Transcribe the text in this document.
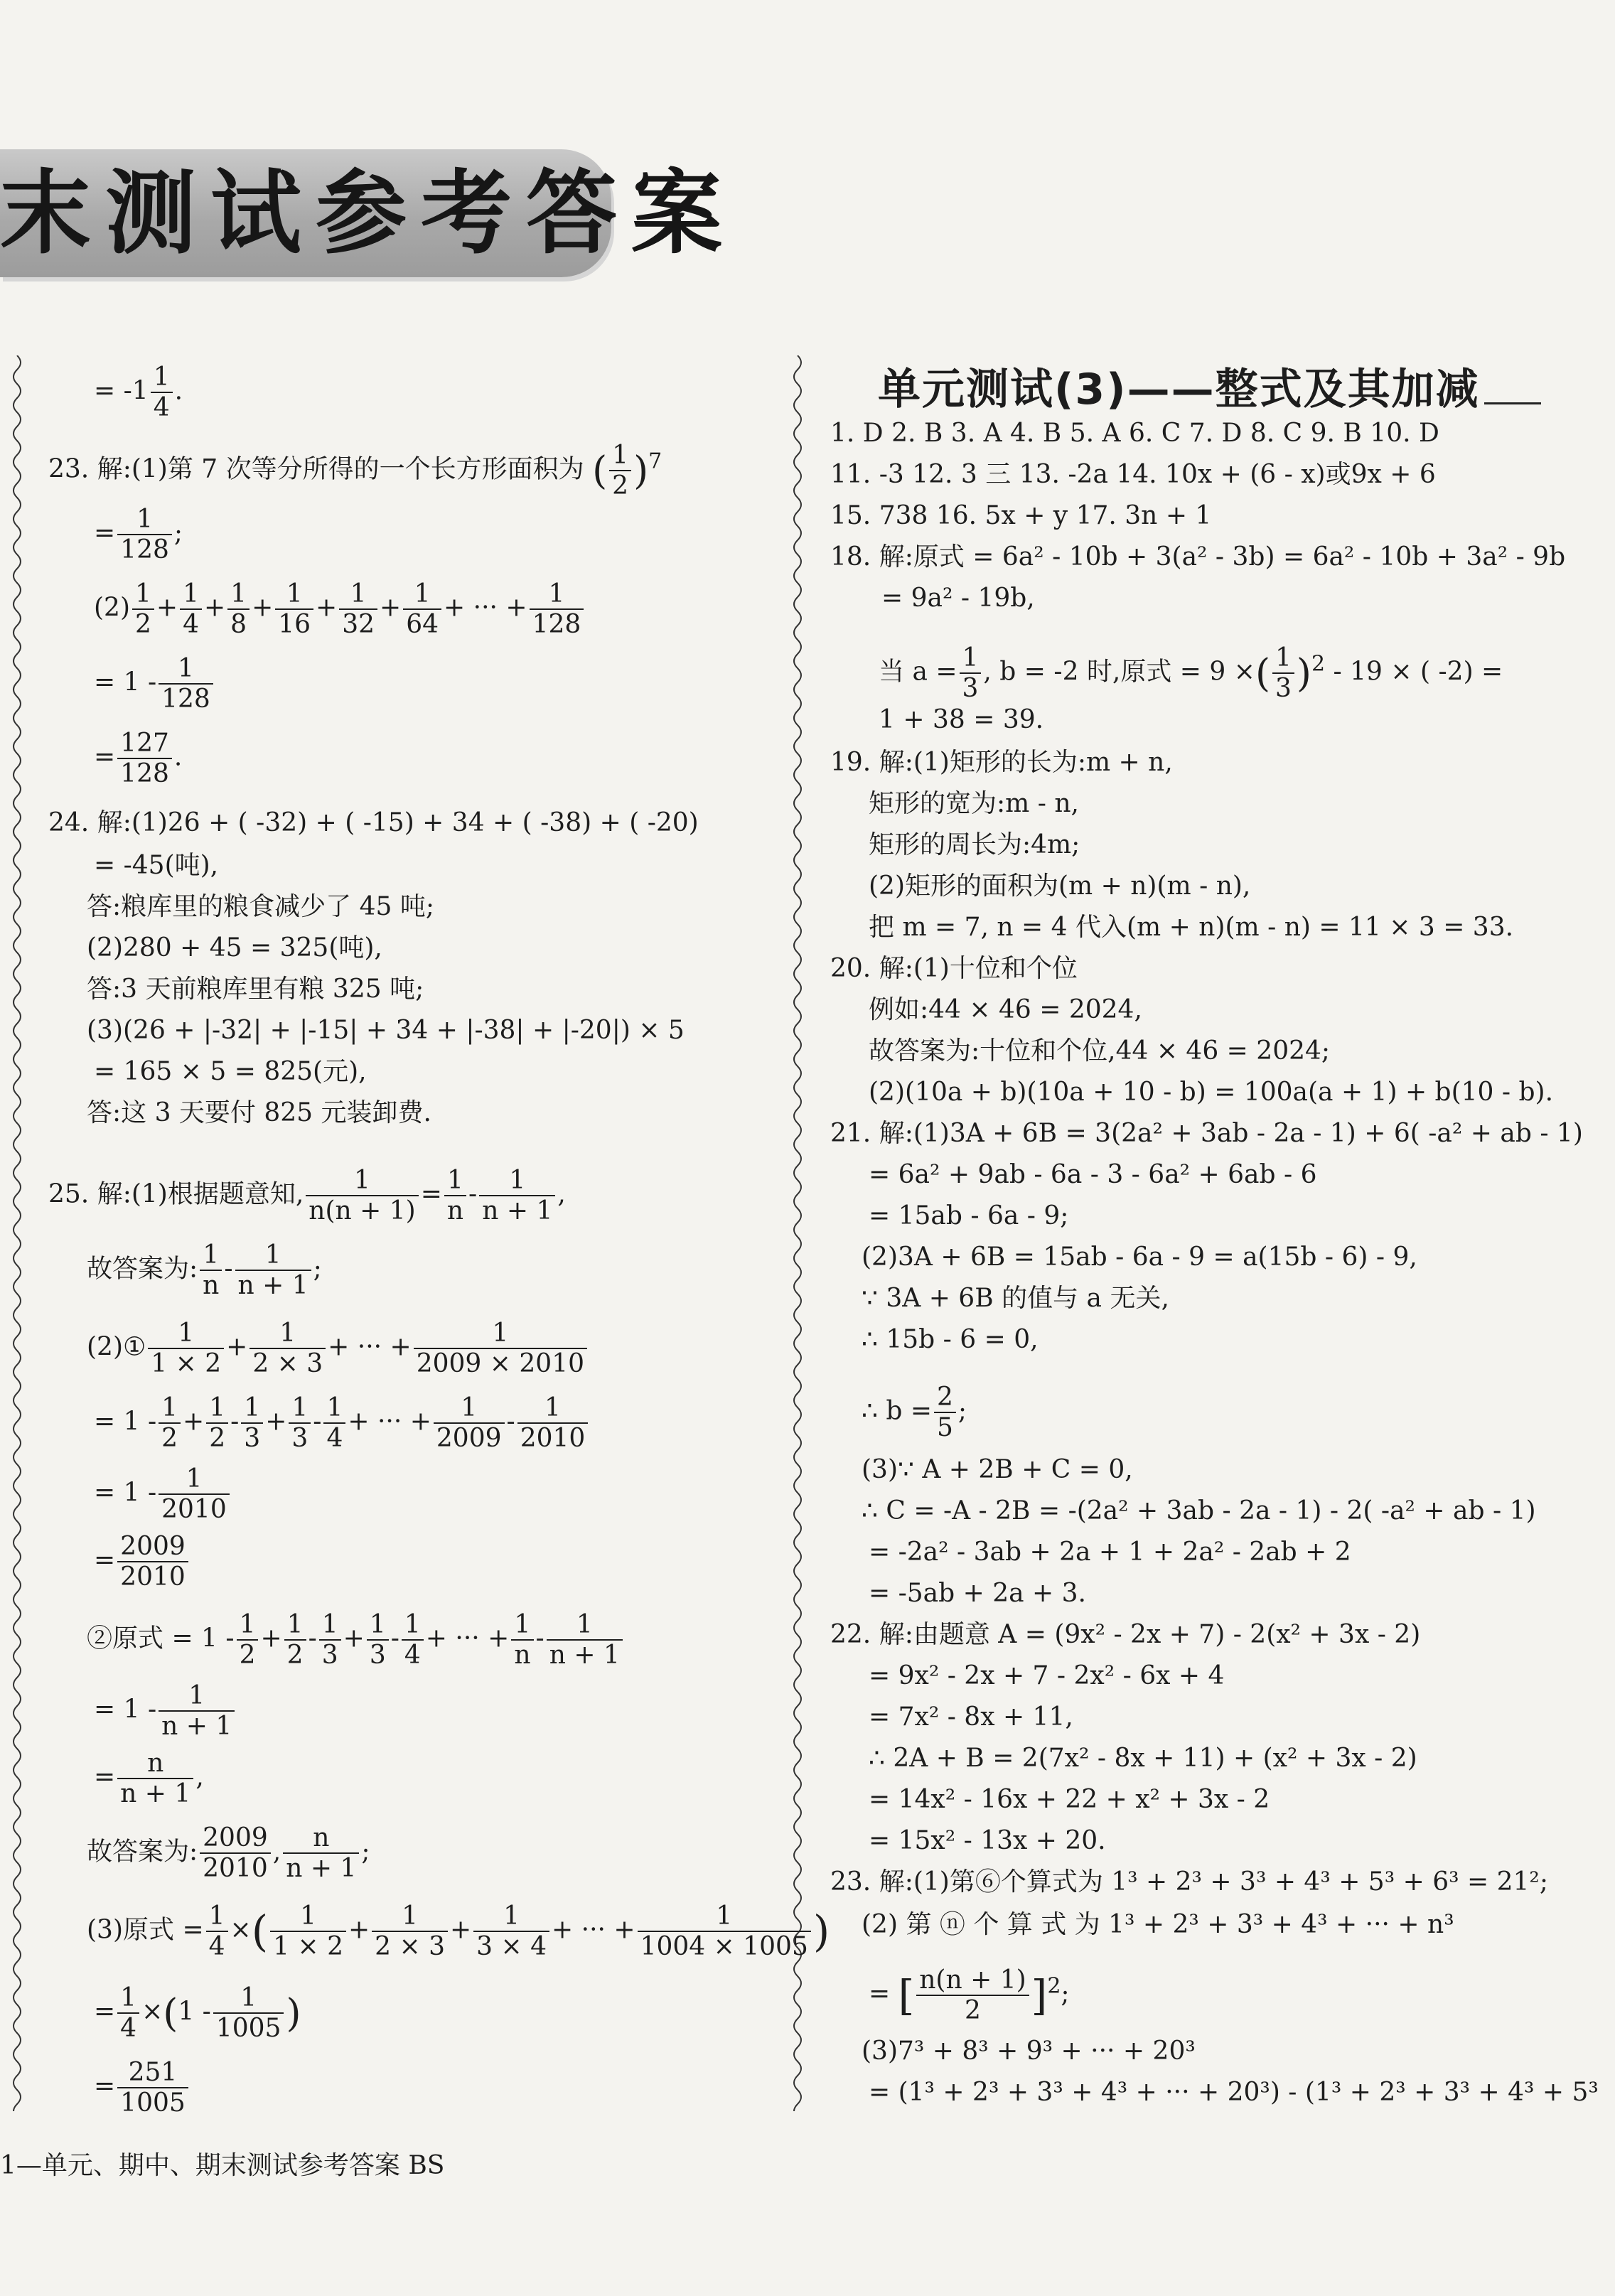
末测试参考答案
= $-1 \frac{1}{4}$ .
23. 解:(1)第 7 次等分所得的一个长方形面积为 ( $\frac{1}{2} )^7$
= $\frac{1}{128}$ ;
$(2) \frac{1}{2} + \frac{1}{4} + \frac{1}{8} + \frac{1}{16} + \frac{1}{32} + \frac{1}{64}$ + ··· + $\frac{1}{128}$
= $1 - \frac{1}{128}$
= $\frac{127}{128}$ .
24. 解:(1)26 + ( -32) + ( -15) + 34 + ( -38) + ( -20)
= -45(吨),
答:粮库里的粮食减少了 45 吨;
(2)280 + 45 = 325(吨),
答:3 天前粮库里有粮 325 吨;
(3)(26 + |-32| + |-15| + 34 + |-38| + |-20|) × 5
= 165 × 5 = 825(元),
答:这 3 天要付 825 元装卸费.
25. 解:(1)根据题意知, $\frac{1}{n(n + 1)} = \frac{1}{n} - \frac{1}{n + 1}$ ,
故答案为: $\frac{1}{n} - \frac{1}{n + 1}$ ;
(2)① $\frac{1}{1 \times 2} + \frac{1}{2 \times 3}$ + ··· + $\frac{1}{2009 \times 2010}$
= $1 - \frac{1}{2} + \frac{1}{2} - \frac{1}{3} + \frac{1}{3} - \frac{1}{4}$ + ··· + $\frac{1}{2009} - \frac{1}{2010}$
= $1 - \frac{1}{2010}$
= $\frac{2009}{2010}$
②原式 = $1 - \frac{1}{2} + \frac{1}{2} - \frac{1}{3} + \frac{1}{3} - \frac{1}{4}$ + ··· + $\frac{1}{n} - \frac{1}{n + 1}$
= $1 - \frac{1}{n + 1}$
= $\frac{n}{n + 1}$ ,
故答案为: $\frac{2009}{2010}$ , $\frac{n}{n + 1}$ ;
(3)原式 = $\frac{1}{4}$ ×( $\frac{1}{1 \times 2} + \frac{1}{2 \times 3} + \frac{1}{3 \times 4}$ + ··· + $\frac{1}{1004 \times 1005}$ )
= $\frac{1}{4} \times(1 - \frac{1}{1005}$ )
= $\frac{251}{1005}$
单元测试(3)——整式及其加减
1. D 2. B 3. A 4. B 5. A 6. C 7. D 8. C 9. B 10. D
11. -3 12. 3 三 13. -2a 14. 10x + (6 - x)或9x + 6
15. 738 16. 5x + y 17. 3n + 1
18. 解:原式 = 6a² - 10b + 3(a² - 3b) = 6a² - 10b + 3a² - 9b
= 9a² - 19b,
当 $a = \frac{1}{3}$ , b = -2 时,原式 = 9 ×( $\frac{1}{3} )^2 - 19$ × ( -2) =
1 + 38 = 39.
19. 解:(1)矩形的长为:m + n,
矩形的宽为:m - n,
矩形的周长为:4m;
(2)矩形的面积为(m + n)(m - n),
把 m = 7, n = 4 代入(m + n)(m - n) = 11 × 3 = 33.
20. 解:(1)十位和个位
例如:44 × 46 = 2024,
故答案为:十位和个位,44 × 46 = 2024;
(2)(10a + b)(10a + 10 - b) = 100a(a + 1) + b(10 - b).
21. 解:(1)3A + 6B = 3(2a² + 3ab - 2a - 1) + 6( -a² + ab - 1)
= 6a² + 9ab - 6a - 3 - 6a² + 6ab - 6
= 15ab - 6a - 9;
(2)3A + 6B = 15ab - 6a - 9 = a(15b - 6) - 9,
∵ 3A + 6B 的值与 a 无关,
∴ 15b - 6 = 0,
∴ $b = \frac{2}{5}$ ;
(3)∵ A + 2B + C = 0,
∴ C = -A - 2B = -(2a² + 3ab - 2a - 1) - 2( -a² + ab - 1)
= -2a² - 3ab + 2a + 1 + 2a² - 2ab + 2
= -5ab + 2a + 3.
22. 解:由题意 A = (9x² - 2x + 7) - 2(x² + 3x - 2)
= 9x² - 2x + 7 - 2x² - 6x + 4
= 7x² - 8x + 11,
∴ 2A + B = 2(7x² - 8x + 11) + (x² + 3x - 2)
= 14x² - 16x + 22 + x² + 3x - 2
= 15x² - 13x + 20.
23. 解:(1)第⑥个算式为 1³ + 2³ + 3³ + 4³ + 5³ + 6³ = 21²;
(2) 第 ⓝ 个 算 式 为 1³ + 2³ + 3³ + 4³ + ··· + n³
= [ $\frac{n(n + 1)}{2} ]^2$;
(3)7³ + 8³ + 9³ + ··· + 20³
= (1³ + 2³ + 3³ + 4³ + ··· + 20³) - (1³ + 2³ + 3³ + 4³ + 5³
1—单元、期中、期末测试参考答案 BS
